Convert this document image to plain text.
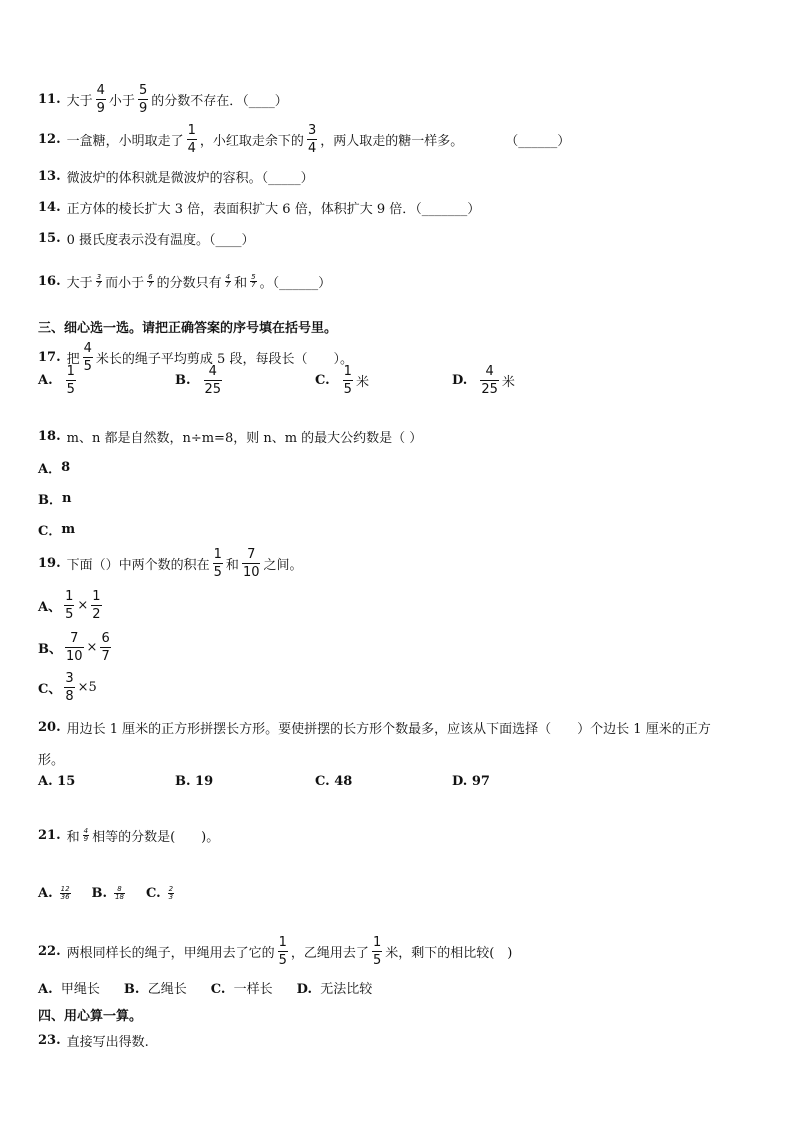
11. 大于 $\frac{4}{9}$ 小于 $\frac{5}{9}$ 的分数不存在．（____）
12. 一盒糖，小明取走了 $\frac{1}{4}$ ，小红取走余下的 $\frac{3}{4}$ ，两人取走的糖一样多。	（______）
13. 微波炉的体积就是微波炉的容积。（_____）
14. 正方体的棱长扩大 3 倍，表面积扩大 6 倍，体积扩大 9 倍．（_______）
15. 0 摄氏度表示没有温度。（____）
16. 大于 $\frac{3}{7}$ 而小于 $\frac{6}{7}$ 的分数只有 $\frac{4}{7}$ 和 $\frac{5}{7}$ 。（______）
三、细心选一选。请把正确答案的序号填在括号里。
17. 把 $\frac{4}{5}$ 米长的绳子平均剪成 5 段，每段长（　　）。
A. $\frac{1}{5}$	B. $\frac{4}{25}$	C. $\frac{1}{5}$ 米	D. $\frac{4}{25}$ 米
18. m、n 都是自然数，n÷m=8，则 n、m 的最大公约数是（ ）
A． 8
B． n
C． m
19. 下面（）中两个数的积在 $\frac{1}{5}$ 和 $\frac{7}{10}$ 之间。
A、 $\frac{1}{5} \times \frac{1}{2}$
B、 $\frac{7}{10} \times \frac{6}{7}$
C、 $\frac{3}{8} \times 5$
20. 用边长 1 厘米的正方形拼摆长方形。要使拼摆的长方形个数最多，应该从下面选择（　　）个边长 1 厘米的正方
形。
A. 15	B. 19	C. 48	D. 97
21. 和 $\frac{4}{9}$ 相等的分数是(　　)。
A. $\frac{12}{36} B$. $\frac{8}{18} C$. $\frac{2}{3}$
22. 两根同样长的绳子，甲绳用去了它的 $\frac{1}{5}$ ，乙绳用去了 $\frac{1}{5}$ 米，剩下的相比较(　)
A. 甲绳长 B. 乙绳长 C. 一样长 D. 无法比较
四、用心算一算。
23. 直接写出得数.
